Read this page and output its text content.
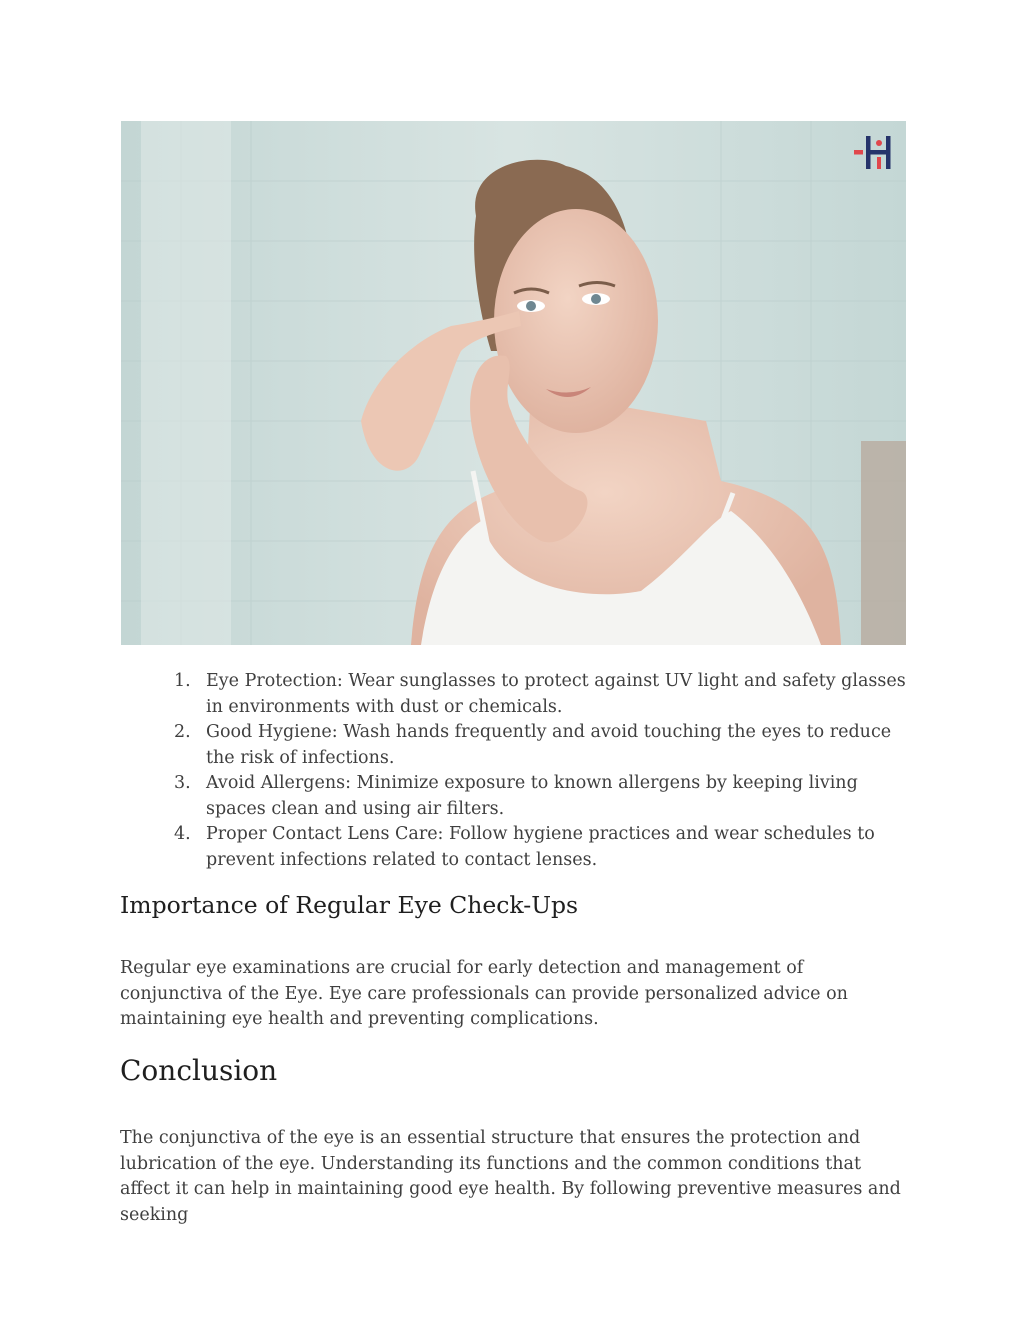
1. Eye Protection: Wear sunglasses to protect against UV light and safety glasses in environments with dust or chemicals.
2. Good Hygiene: Wash hands frequently and avoid touching the eyes to reduce the risk of infections.
3. Avoid Allergens: Minimize exposure to known allergens by keeping living spaces clean and using air filters.
4. Proper Contact Lens Care: Follow hygiene practices and wear schedules to prevent infections related to contact lenses.
Importance of Regular Eye Check-Ups

Regular eye examinations are crucial for early detection and management of conjunctiva of the Eye. Eye care professionals can provide personalized advice on maintaining eye health and preventing complications.

Conclusion

The conjunctiva of the eye is an essential structure that ensures the protection and lubrication of the eye. Understanding its functions and the common conditions that affect it can help in maintaining good eye health. By following preventive measures and seeking
